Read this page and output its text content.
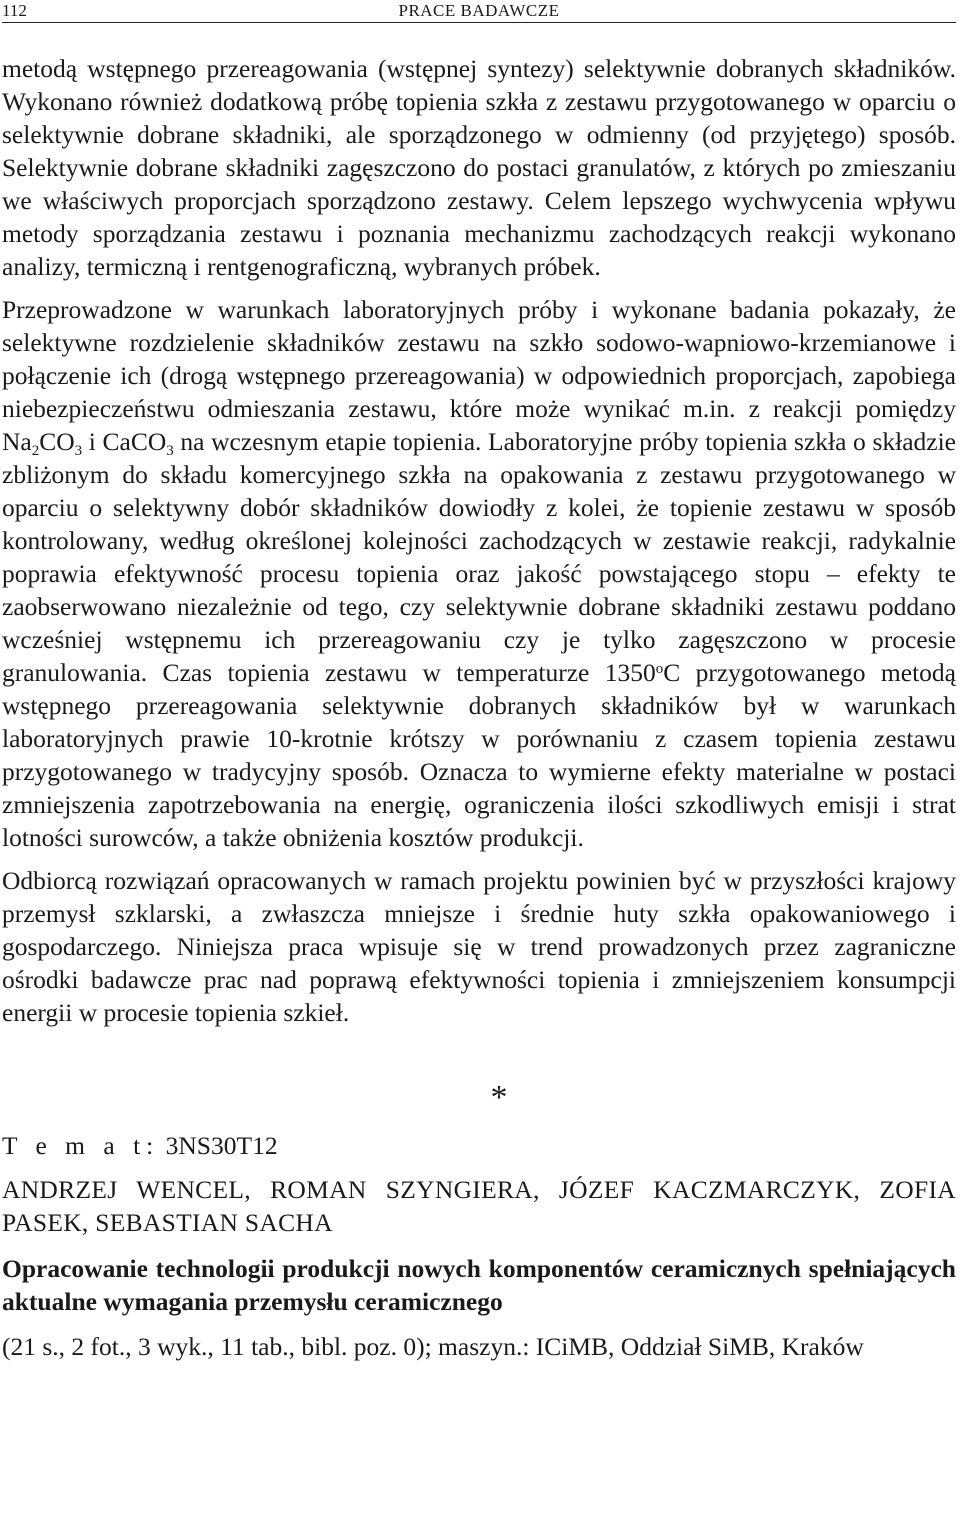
112	PRACE BADAWCZE

metodą wstępnego przereagowania (wstępnej syntezy) selektywnie dobranych składników. Wykonano również dodatkową próbę topienia szkła z zestawu przygotowanego w oparciu o selektywnie dobrane składniki, ale sporządzonego w odmienny (od przyjętego) sposób. Selektywnie dobrane składniki zagęszczono do postaci granulatów, z których po zmieszaniu we właściwych proporcjach sporządzono zestawy. Celem lepszego wychwycenia wpływu metody sporządzania zestawu i poznania mechanizmu zachodzących reakcji wykonano analizy, termiczną i rentgenograficzną, wybranych próbek.

Przeprowadzone w warunkach laboratoryjnych próby i wykonane badania pokazały, że selektywne rozdzielenie składników zestawu na szkło sodowo-wapniowo-krzemianowe i połączenie ich (drogą wstępnego przereagowania) w odpowiednich proporcjach, zapobiega niebezpieczeństwu odmieszania zestawu, które może wynikać m.in. z reakcji pomiędzy $Na_2CO_3$ i CaCO$_3$ na wczesnym etapie topienia. Laboratoryjne próby topienia szkła o składzie zbliżonym do składu komercyjnego szkła na opakowania z zestawu przygotowanego w oparciu o selektywny dobór składników dowiodły z kolei, że topienie zestawu w sposób kontrolowany, według określonej kolejności zachodzących w zestawie reakcji, radykalnie poprawia efektywność procesu topienia oraz jakość powstającego stopu – efekty te zaobserwowano niezależnie od tego, czy selektywnie dobrane składniki zestawu poddano wcześniej wstępnemu ich przereagowaniu czy je tylko zagęszczono w procesie granulowania. Czas topienia zestawu w temperaturze 1350$^o$C przygotowanego metodą wstępnego przereagowania selektywnie dobranych składników był w warunkach laboratoryjnych prawie 10-krotnie krótszy w porównaniu z czasem topienia zestawu przygotowanego w tradycyjny sposób. Oznacza to wymierne efekty materialne w postaci zmniejszenia zapotrzebowania na energię, ograniczenia ilości szkodliwych emisji i strat lotności surowców, a także obniżenia kosztów produkcji.

Odbiorcą rozwiązań opracowanych w ramach projektu powinien być w przyszłości krajowy przemysł szklarski, a zwłaszcza mniejsze i średnie huty szkła opakowaniowego i gospodarczego. Niniejsza praca wpisuje się w trend prowadzonych przez zagraniczne ośrodki badawcze prac nad poprawą efektywności topienia i zmniejszeniem konsumpcji energii w procesie topienia szkieł.

*
T e m a t: 3NS30T12
ANDRZEJ WENCEL, ROMAN SZYNGIERA, JÓZEF KACZMARCZYK, ZOFIA PASEK, SEBASTIAN SACHA
Opracowanie technologii produkcji nowych komponentów ceramicznych spełniających aktualne wymagania przemysłu ceramicznego
(21 s., 2 fot., 3 wyk., 11 tab., bibl. poz. 0); maszyn.: ICiMB, Oddział SiMB, Kraków
